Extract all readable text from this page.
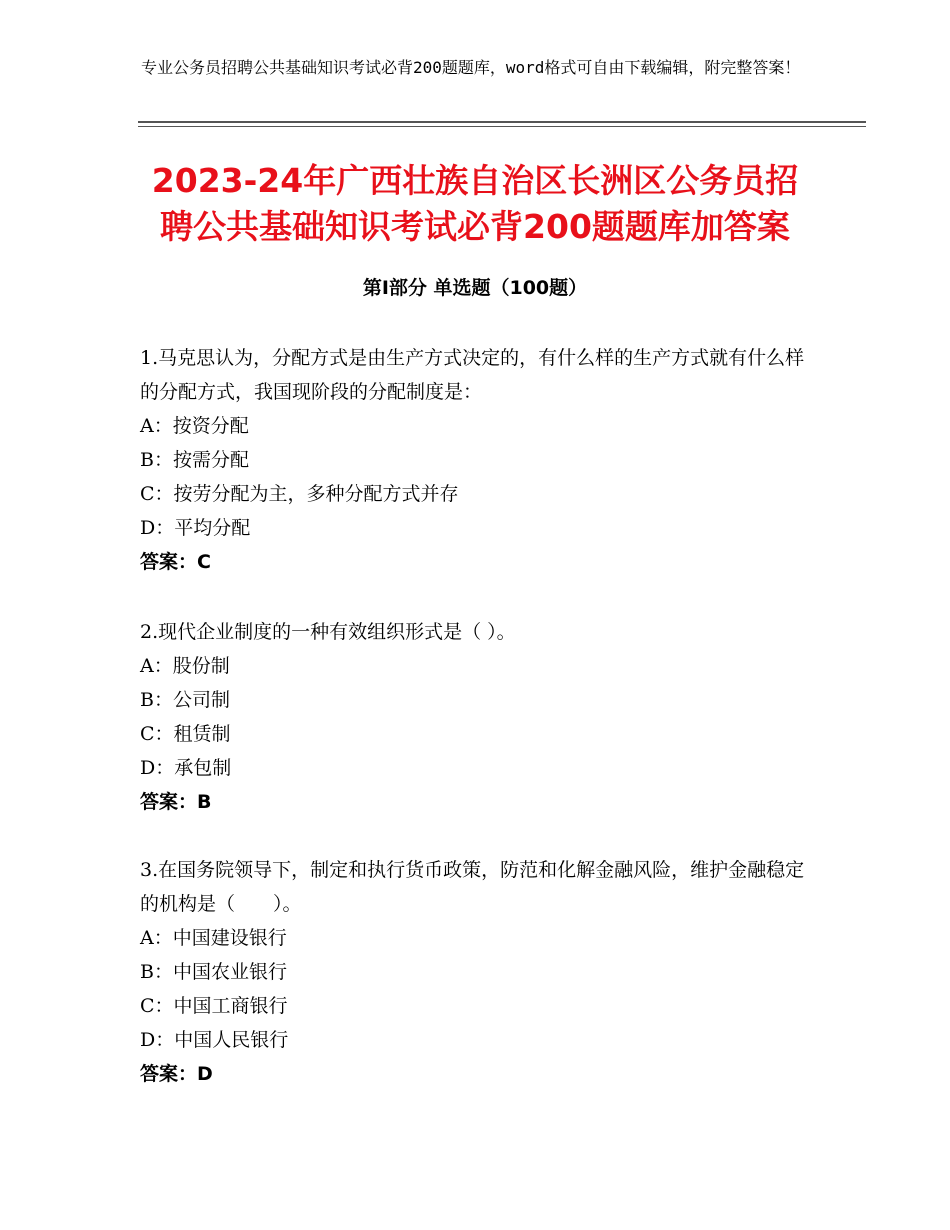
专业公务员招聘公共基础知识考试必背200题题库，word格式可自由下载编辑，附完整答案！
2023-24年广西壮族自治区长洲区公务员招
聘公共基础知识考试必背200题题库加答案
第Ⅰ部分 单选题（100题）

1.马克思认为，分配方式是由生产方式决定的，有什么样的生产方式就有什么样的分配方式，我国现阶段的分配制度是：

A：按资分配

B：按需分配

C：按劳分配为主，多种分配方式并存

D：平均分配

答案：C

2.现代企业制度的一种有效组织形式是（ ）。

A：股份制

B：公司制

C：租赁制

D：承包制

答案：B

3.在国务院领导下，制定和执行货币政策，防范和化解金融风险，维护金融稳定的机构是（　　）。

A：中国建设银行

B：中国农业银行

C：中国工商银行

D：中国人民银行

答案：D
